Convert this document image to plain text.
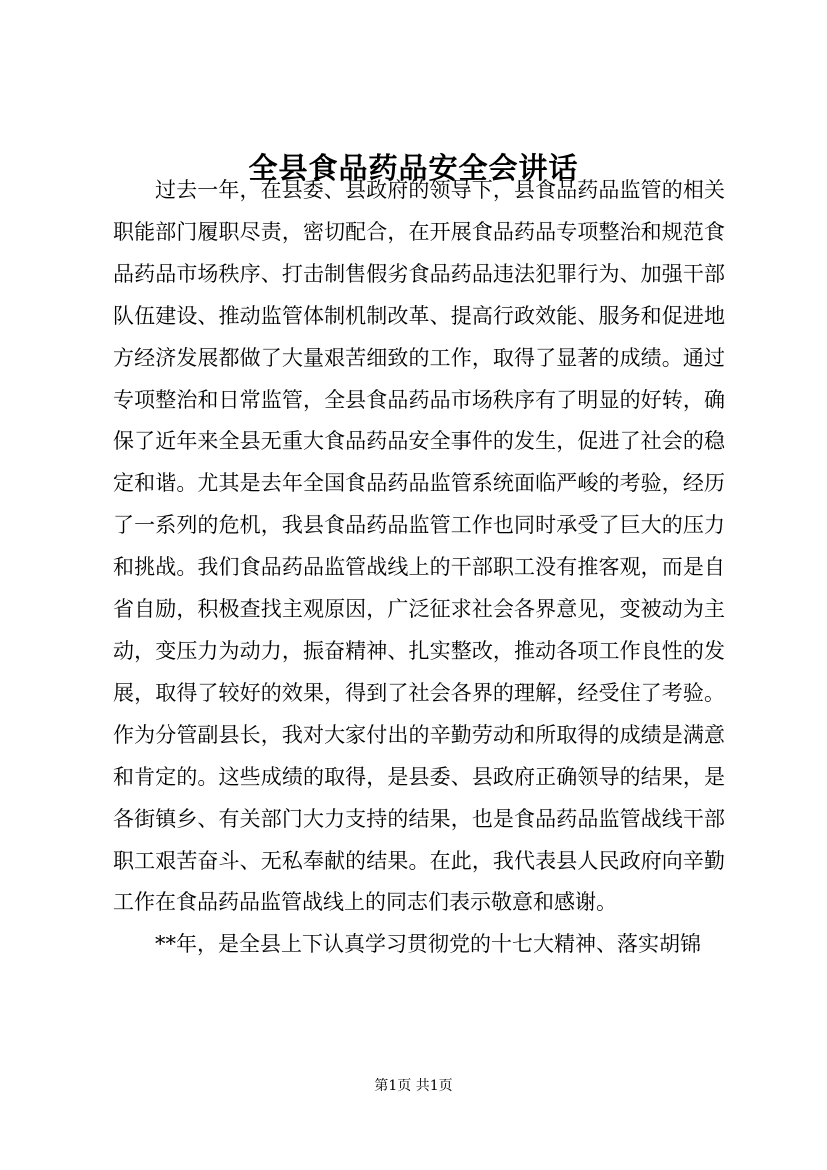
全县食品药品安全会讲话

过去一年，在县委、县政府的领导下，县食品药品监管的相关职能部门履职尽责，密切配合，在开展食品药品专项整治和规范食品药品市场秩序、打击制售假劣食品药品违法犯罪行为、加强干部队伍建设、推动监管体制机制改革、提高行政效能、服务和促进地方经济发展都做了大量艰苦细致的工作，取得了显著的成绩。通过专项整治和日常监管，全县食品药品市场秩序有了明显的好转，确保了近年来全县无重大食品药品安全事件的发生，促进了社会的稳定和谐。尤其是去年全国食品药品监管系统面临严峻的考验，经历了一系列的危机，我县食品药品监管工作也同时承受了巨大的压力和挑战。我们食品药品监管战线上的干部职工没有推客观，而是自省自励，积极查找主观原因，广泛征求社会各界意见，变被动为主动，变压力为动力，振奋精神、扎实整改，推动各项工作良性的发展，取得了较好的效果，得到了社会各界的理解，经受住了考验。作为分管副县长，我对大家付出的辛勤劳动和所取得的成绩是满意和肯定的。这些成绩的取得，是县委、县政府正确领导的结果，是各街镇乡、有关部门大力支持的结果，也是食品药品监管战线干部职工艰苦奋斗、无私奉献的结果。在此，我代表县人民政府向辛勤工作在食品药品监管战线上的同志们表示敬意和感谢。

**年，是全县上下认真学习贯彻党的十七大精神、落实胡锦

第1页 共1页
